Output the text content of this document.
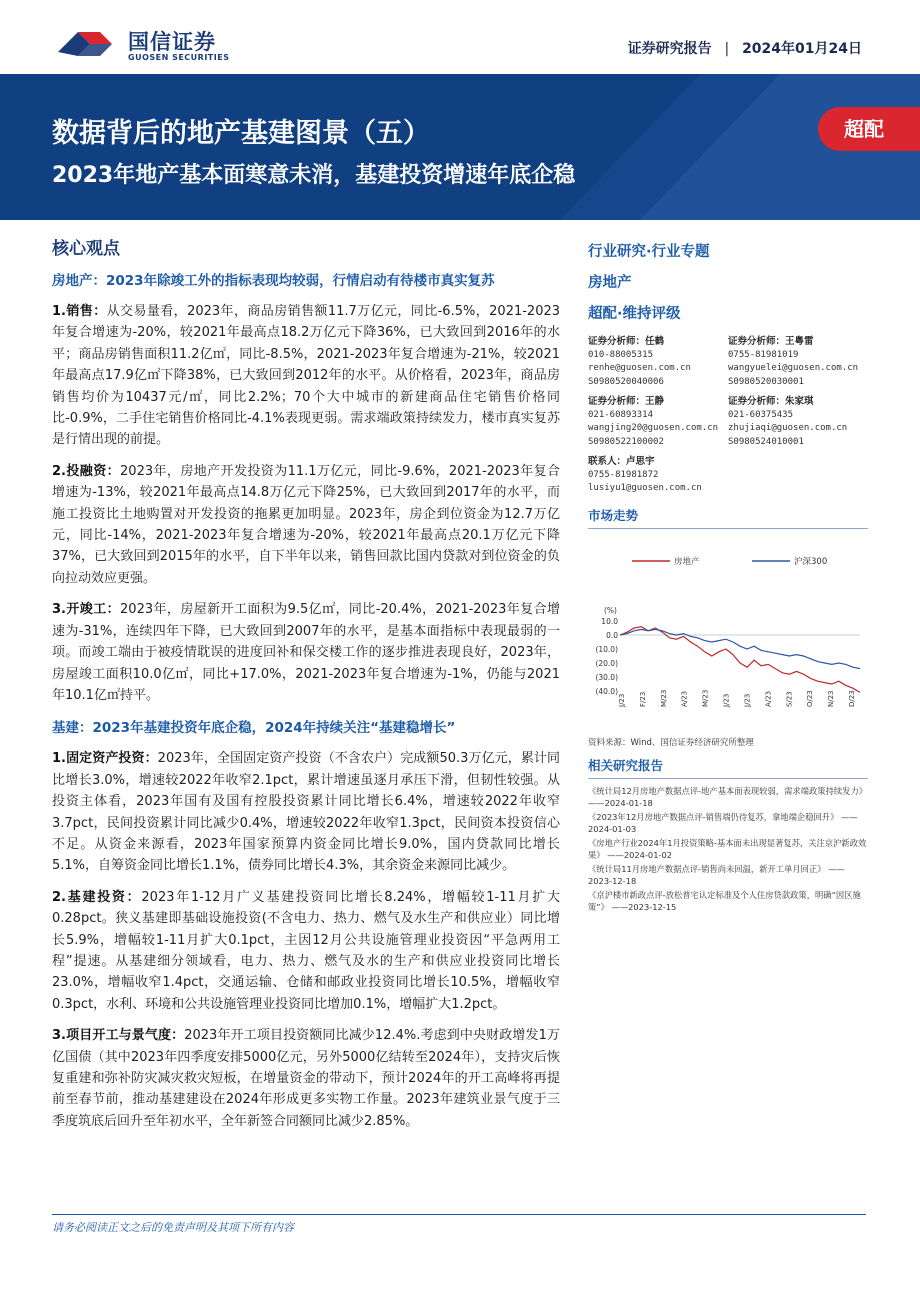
国信证券
GUOSEN SECURITIES
证券研究报告 | 2024年01月24日
数据背后的地产基建图景（五）
2023年地产基本面寒意未消，基建投资增速年底企稳
超配
核心观点
房地产：2023年除竣工外的指标表现均较弱，行情启动有待楼市真实复苏
1.销售：从交易量看，2023年，商品房销售额11.7万亿元，同比-6.5%，2021-2023年复合增速为-20%，较2021年最高点18.2万亿元下降36%，已大致回到2016年的水平；商品房销售面积11.2亿㎡，同比-8.5%，2021-2023年复合增速为-21%，较2021年最高点17.9亿㎡下降38%，已大致回到2012年的水平。从价格看，2023年，商品房销售均价为10437元/㎡，同比2.2%；70个大中城市的新建商品住宅销售价格同比-0.9%，二手住宅销售价格同比-4.1%表现更弱。需求端政策持续发力，楼市真实复苏是行情出现的前提。
2.投融资：2023年，房地产开发投资为11.1万亿元，同比-9.6%，2021-2023年复合增速为-13%，较2021年最高点14.8万亿元下降25%，已大致回到2017年的水平，而施工投资比土地购置对开发投资的拖累更加明显。2023年，房企到位资金为12.7万亿元，同比-14%，2021-2023年复合增速为-20%，较2021年最高点20.1万亿元下降37%，已大致回到2015年的水平，自下半年以来，销售回款比国内贷款对到位资金的负向拉动效应更强。
3.开竣工：2023年，房屋新开工面积为9.5亿㎡，同比-20.4%，2021-2023年复合增速为-31%，连续四年下降，已大致回到2007年的水平，是基本面指标中表现最弱的一项。而竣工端由于被疫情耽误的进度回补和保交楼工作的逐步推进表现良好，2023年，房屋竣工面积10.0亿㎡，同比+17.0%，2021-2023年复合增速为-1%，仍能与2021年10.1亿㎡持平。
基建：2023年基建投资年底企稳，2024年持续关注“基建稳增长”
1.固定资产投资：2023年，全国固定资产投资（不含农户）完成额50.3万亿元，累计同比增长3.0%，增速较2022年收窄2.1pct，累计增速虽逐月承压下滑，但韧性较强。从投资主体看，2023年国有及国有控股投资累计同比增长6.4%，增速较2022年收窄3.7pct，民间投资累计同比减少0.4%，增速较2022年收窄1.3pct，民间资本投资信心不足。从资金来源看，2023年国家预算内资金同比增长9.0%，国内贷款同比增长5.1%，自筹资金同比增长1.1%，债券同比增长4.3%，其余资金来源同比减少。
2.基建投资：2023年1-12月广义基建投资同比增长8.24%，增幅较1-11月扩大0.28pct。狭义基建即基础设施投资(不含电力、热力、燃气及水生产和供应业）同比增长5.9%，增幅较1-11月扩大0.1pct，主因12月公共设施管理业投资因“平急两用工程”提速。从基建细分领域看，电力、热力、燃气及水的生产和供应业投资同比增长23.0%，增幅收窄1.4pct，交通运输、仓储和邮政业投资同比增长10.5%，增幅收窄0.3pct，水利、环境和公共设施管理业投资同比增加0.1%，增幅扩大1.2pct。
3.项目开工与景气度：2023年开工项目投资额同比减少12.4%.考虑到中央财政增发1万亿国债（其中2023年四季度安排5000亿元，另外5000亿结转至2024年），支持灾后恢复重建和弥补防灾减灾救灾短板，在增量资金的带动下，预计2024年的开工高峰将再提前至春节前，推动基建建设在2024年形成更多实物工作量。2023年建筑业景气度于三季度筑底后回升至年初水平，全年新签合同额同比减少2.85%。
行业研究·行业专题
房地产
超配·维持评级
证券分析师：任鹤
010-88005315
renhe@guosen.com.cn
S0980520040006
证券分析师：王粤雷
0755-81981019
wangyuelei@guosen.com.cn
S0980520030001
证券分析师：王静
021-60893314
wangjing20@guosen.com.cn
S0980522100002
证券分析师：朱家琪
021-60375435
zhujiaqi@guosen.com.cn
S0980524010001
联系人：卢思宇
0755-81981872
lusiyu1@guosen.com.cn
市场走势
房地产	沪深300
(%)
10.0
0.0
(10.0)
(20.0)
(30.0)
(40.0)
J/23 F/23 M/23 A/23 M/23 J/23 J/23 A/23 S/23 O/23 N/23 D/23
资料来源：Wind、国信证券经济研究所整理
相关研究报告
《统计局12月房地产数据点评-地产基本面表现较弱，需求端政策持续发力》 ——2024-01-18
《2023年12月房地产数据点评-销售端仍待复苏，拿地端企稳回升》 ——2024-01-03
《房地产行业2024年1月投资策略-基本面未出现显著复苏，关注京沪新政效果》 ——2024-01-02
《统计局11月房地产数据点评-销售尚未回温，新开工单月回正》 ——2023-12-18
《京沪楼市新政点评-放松普宅认定标准及个人住房贷款政策，明确“因区施策”》 ——2023-12-15
请务必阅读正文之后的免责声明及其项下所有内容
